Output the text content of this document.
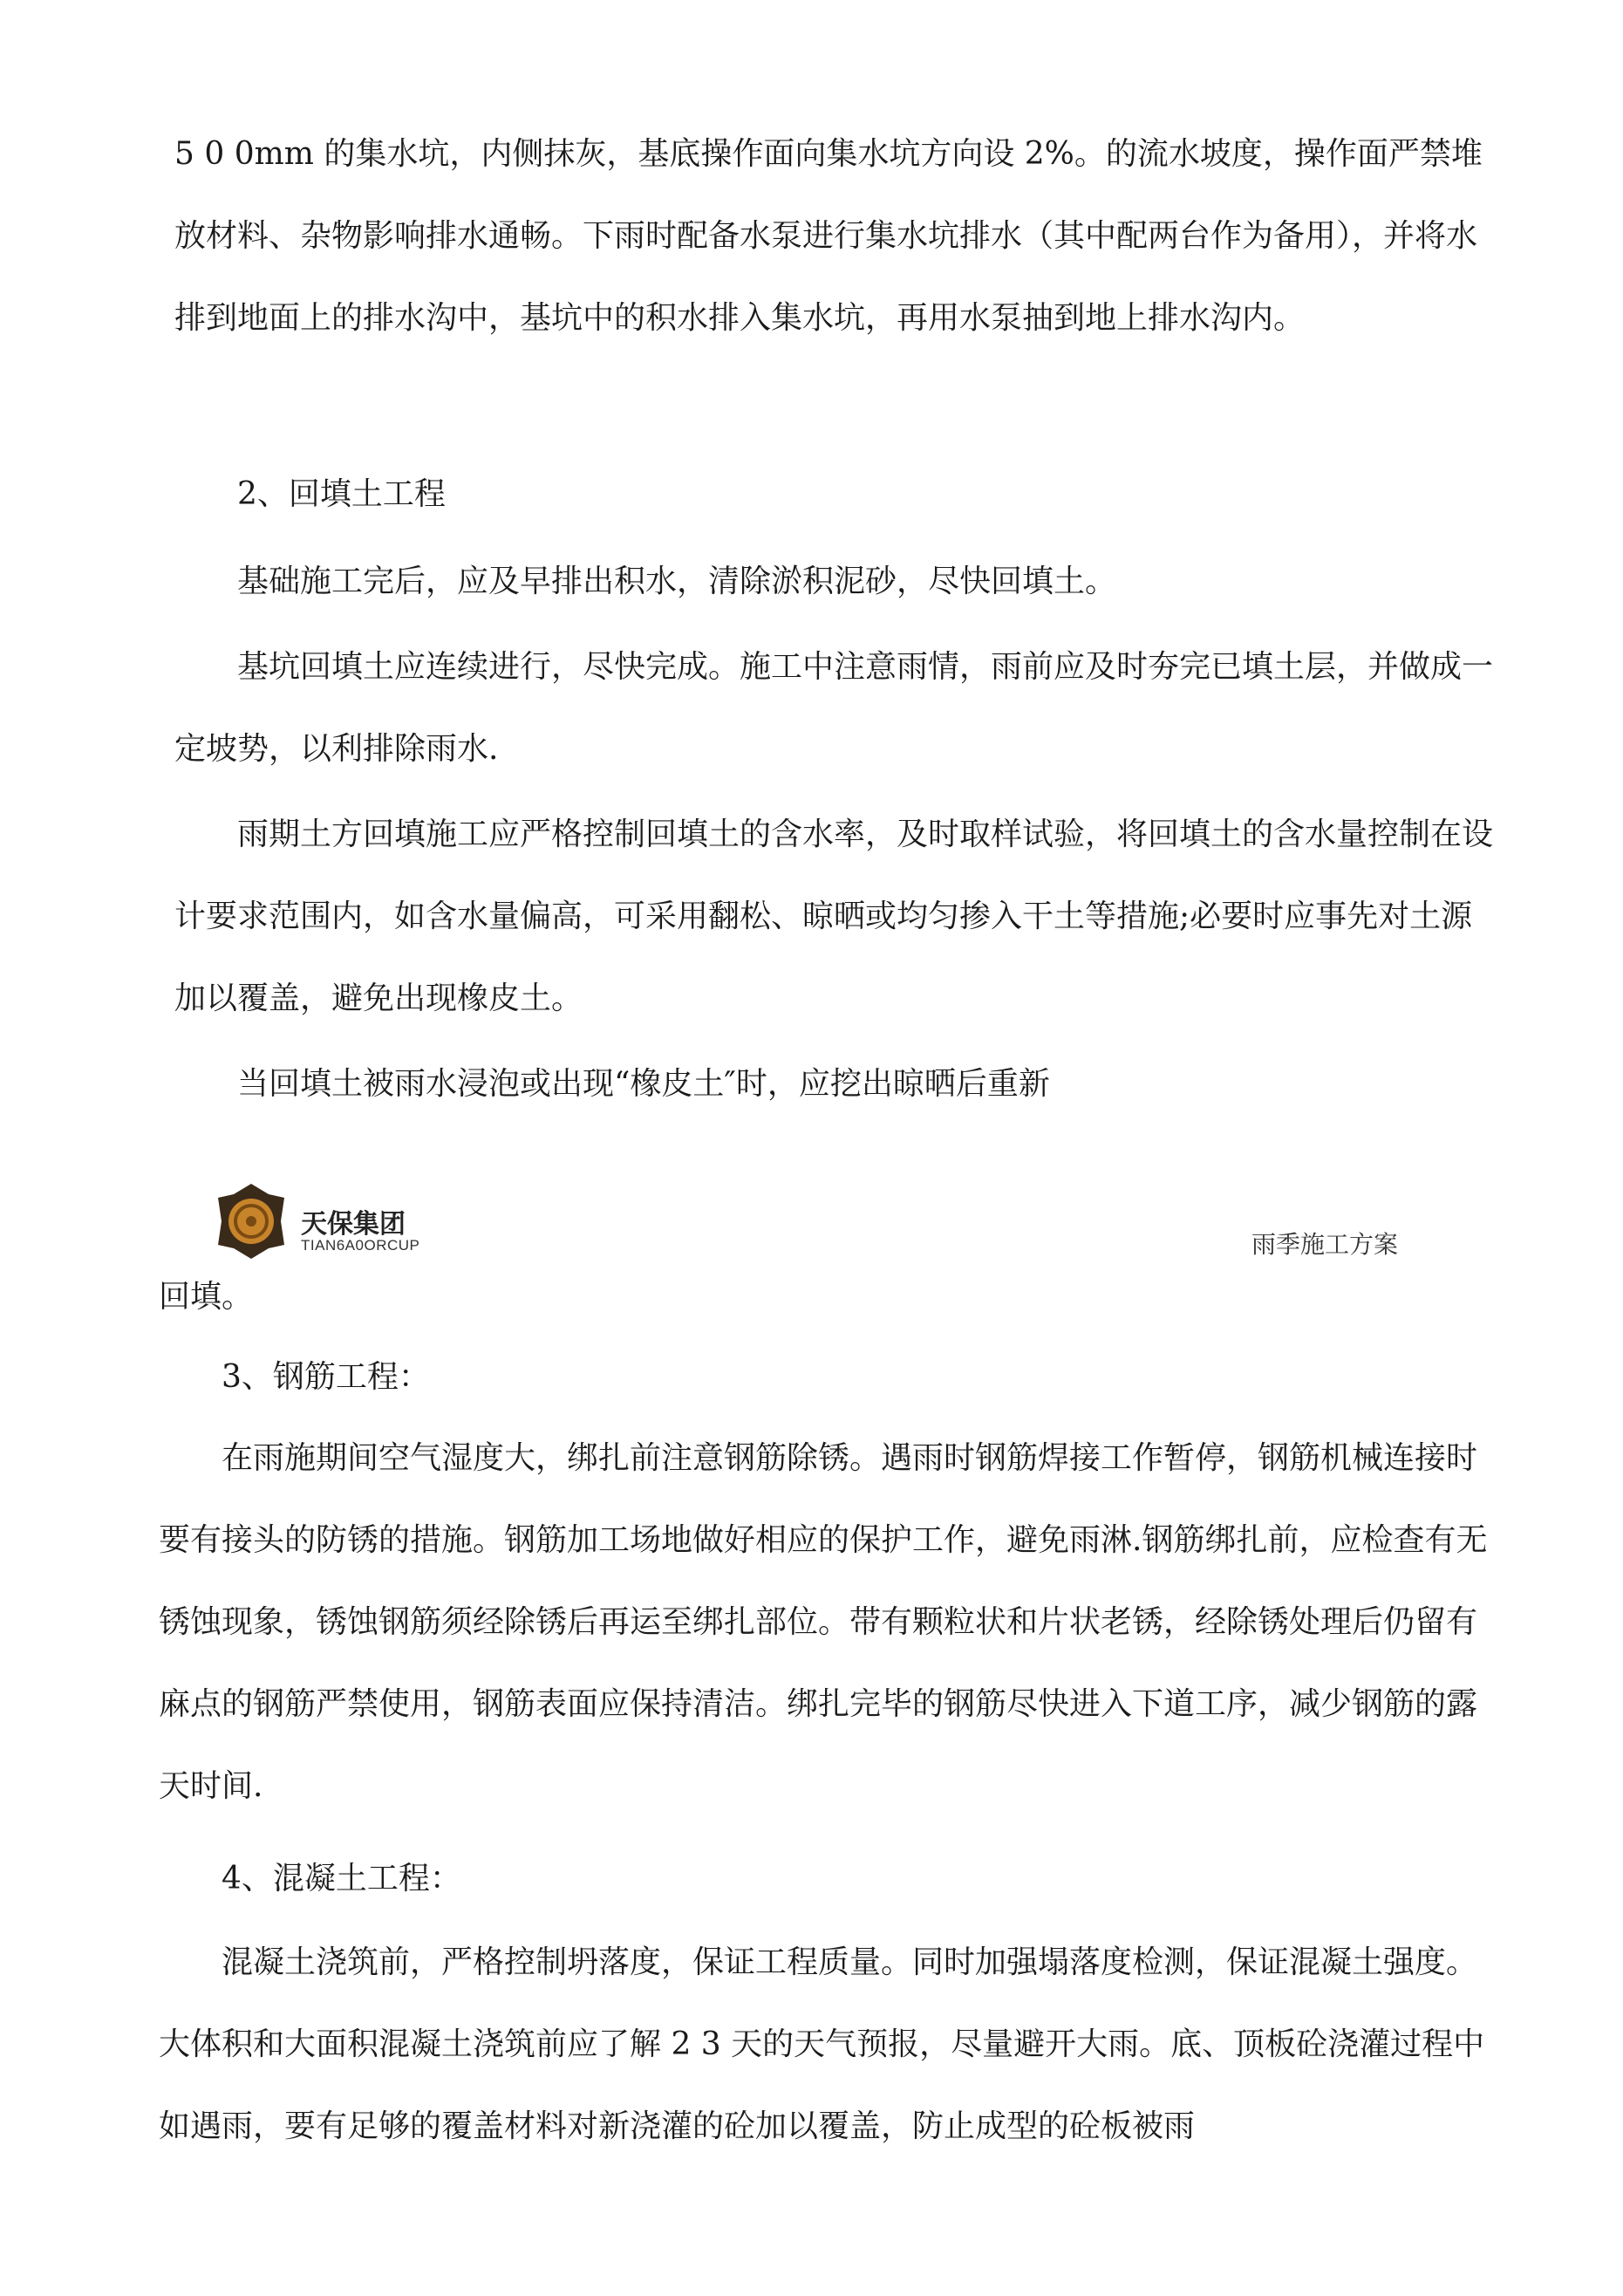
5 0 0mm 的集水坑，内侧抹灰，基底操作面向集水坑方向设 2%。的流水坡度，操作面严禁堆放材料、杂物影响排水通畅。下雨时配备水泵进行集水坑排水（其中配两台作为备用），并将水排到地面上的排水沟中，基坑中的积水排入集水坑，再用水泵抽到地上排水沟内。

2、回填土工程

基础施工完后，应及早排出积水，清除淤积泥砂，尽快回填土。

基坑回填土应连续进行，尽快完成。施工中注意雨情，雨前应及时夯完已填土层，并做成一定坡势，以利排除雨水.

雨期土方回填施工应严格控制回填土的含水率，及时取样试验，将回填土的含水量控制在设计要求范围内，如含水量偏高，可采用翻松、晾晒或均匀掺入干土等措施;必要时应事先对土源加以覆盖，避免出现橡皮土。

当回填土被雨水浸泡或出现“橡皮土″时，应挖出晾晒后重新

天保集团
TIAN6A0ORCUP	雨季施工方案

回填。

3、钢筋工程：

在雨施期间空气湿度大，绑扎前注意钢筋除锈。遇雨时钢筋焊接工作暂停，钢筋机械连接时要有接头的防锈的措施。钢筋加工场地做好相应的保护工作，避免雨淋.钢筋绑扎前，应检查有无锈蚀现象，锈蚀钢筋须经除锈后再运至绑扎部位。带有颗粒状和片状老锈，经除锈处理后仍留有麻点的钢筋严禁使用，钢筋表面应保持清洁。绑扎完毕的钢筋尽快进入下道工序，减少钢筋的露天时间.

4、混凝土工程：

混凝土浇筑前，严格控制坍落度，保证工程质量。同时加强塌落度检测，保证混凝土强度。大体积和大面积混凝土浇筑前应了解 2 3 天的天气预报，尽量避开大雨。底、顶板砼浇灌过程中如遇雨，要有足够的覆盖材料对新浇灌的砼加以覆盖，防止成型的砼板被雨
